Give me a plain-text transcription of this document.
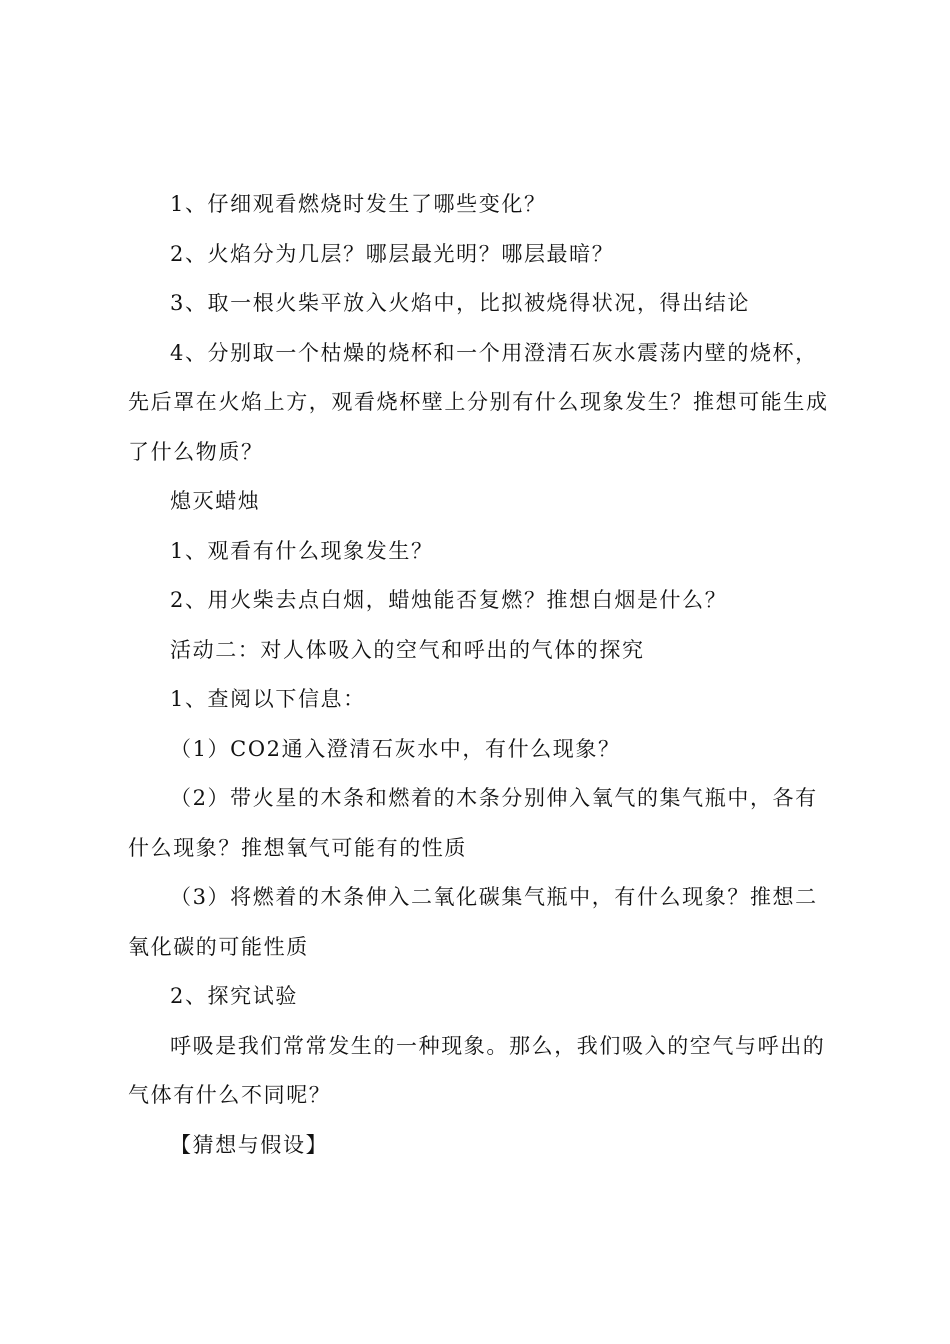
1、仔细观看燃烧时发生了哪些变化？

2、火焰分为几层？哪层最光明？哪层最暗？

3、取一根火柴平放入火焰中，比拟被烧得状况，得出结论

4、分别取一个枯燥的烧杯和一个用澄清石灰水震荡内壁的烧杯，先后罩在火焰上方，观看烧杯壁上分别有什么现象发生？推想可能生成了什么物质？

熄灭蜡烛

1、观看有什么现象发生？

2、用火柴去点白烟，蜡烛能否复燃？推想白烟是什么？

活动二：对人体吸入的空气和呼出的气体的探究

1、查阅以下信息：

（1）CO2通入澄清石灰水中，有什么现象？

（2）带火星的木条和燃着的木条分别伸入氧气的集气瓶中，各有什么现象？推想氧气可能有的性质

（3）将燃着的木条伸入二氧化碳集气瓶中，有什么现象？推想二氧化碳的可能性质

2、探究试验

呼吸是我们常常发生的一种现象。那么，我们吸入的空气与呼出的气体有什么不同呢？

【猜想与假设】
